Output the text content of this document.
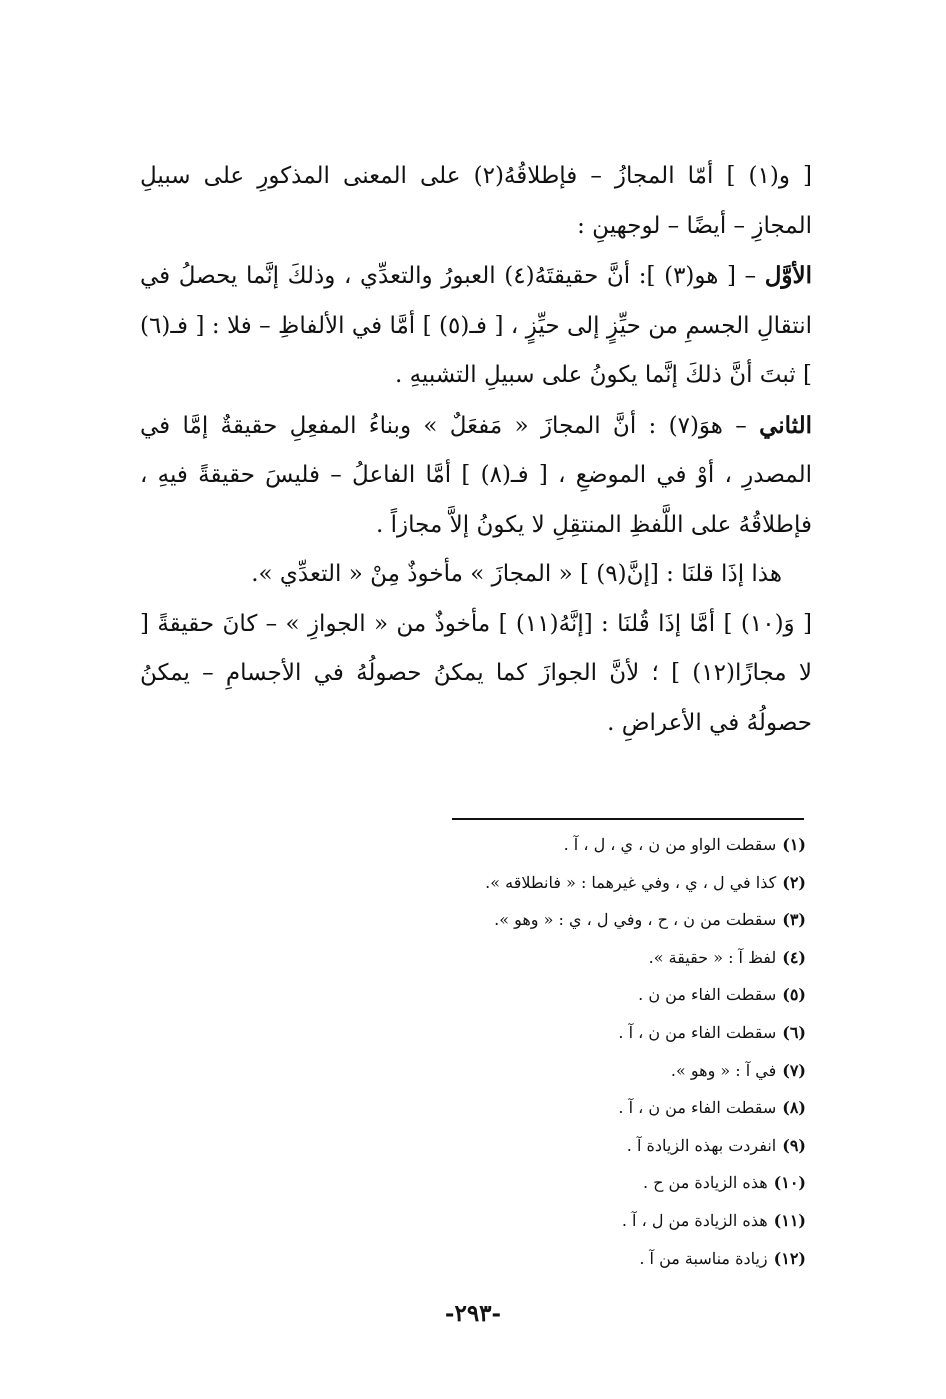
[ و(١) ] أمّا المجازُ – فإطلاقُهُ(٢) على المعنى المذكورِ على سبيلِ المجازِ – أيضًا – لوجهينِ :

الأوَّل – [ هو(٣) ]: أنَّ حقيقتَهُ(٤) العبورُ والتعدِّي ، وذلكَ إنَّما يحصلُ في انتقالِ الجسمِ من حيِّزٍ إلى حيِّزٍ ، [ فـ(٥) ] أمَّا في الألفاظِ – فلا : [ فـ(٦) ] ثبتَ أنَّ ذلكَ إنَّما يكونُ على سبيلِ التشبيهِ .

الثاني – هوَ(٧) : أنَّ المجازَ « مَفعَلٌ » وبناءُ المفعِلِ حقيقةٌ إمَّا في المصدرِ ، أوْ في الموضعِ ، [ فـ(٨) ] أمَّا الفاعلُ – فليسَ حقيقةً فيهِ ، فإطلاقُهُ على اللَّفظِ المنتقِلِ لا يكونُ إلاَّ مجازاً .

هذا إذَا قلنَا : [إنَّ(٩) ] « المجازَ » مأخوذٌ مِنْ « التعدِّي ».

[ وَ(١٠) ] أمَّا إذَا قُلنَا : [إنَّهُ(١١) ] مأخوذٌ من « الجوازِ » – كانَ حقيقةً [ لا مجازًا(١٢) ] ؛ لأنَّ الجوازَ كما يمكنُ حصولُهُ في الأجسامِ – يمكنُ حصولُهُ في الأعراضِ .

(١)سقطت الواو من ن ، ي ، ل ، آ .
(٢)كذا في ل ، ي ، وفي غيرهما : « فانطلاقه ».
(٣)سقطت من ن ، ح ، وفي ل ، ي : « وهو ».
(٤)لفظ آ : « حقيقة ».
(٥)سقطت الفاء من ن .
(٦)سقطت الفاء من ن ، آ .
(٧)في آ : « وهو ».
(٨)سقطت الفاء من ن ، آ .
(٩)انفردت بهذه الزيادة آ .
(١٠)هذه الزيادة من ح .
(١١)هذه الزيادة من ل ، آ .
(١٢)زيادة مناسبة من آ .
-٢٩٣-
